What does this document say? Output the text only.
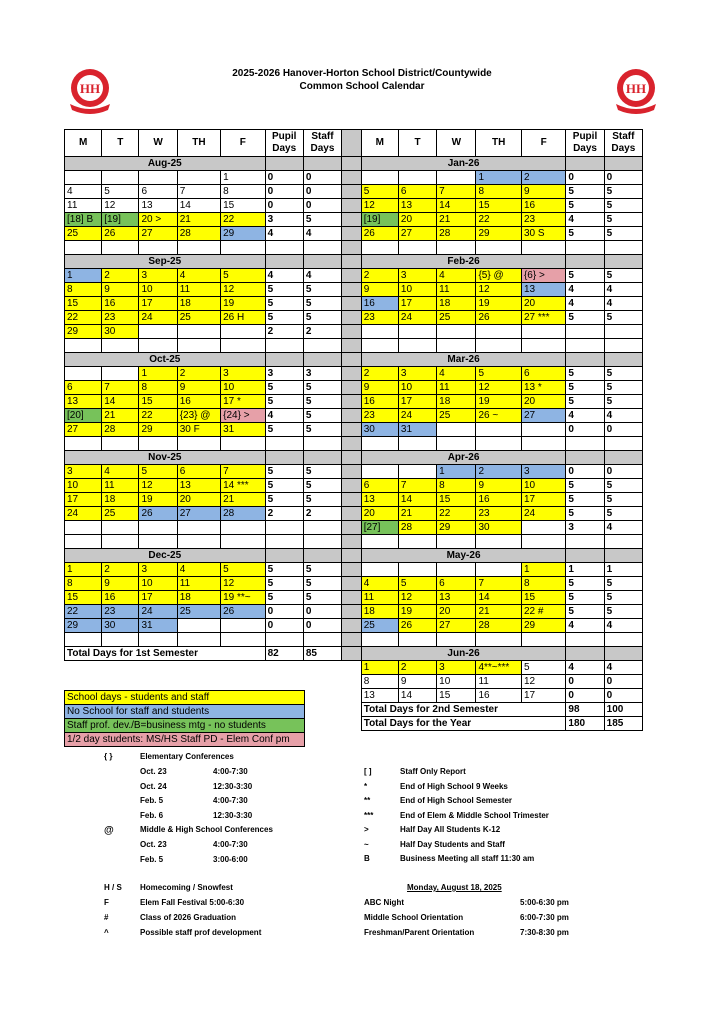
2025-2026 Hanover-Horton School District/Countywide
Common School Calendar
HH	HH
M	T	W	TH	F	Pupil Days	Staff Days		M	T	W	TH	F	Pupil Days	Staff Days
Aug-25								Jan-26						
				1	0	0					1	2	0	0
4	5	6	7	8	0	0		5	6	7	8	9	5	5
11	12	13	14	15	0	0		12	13	14	15	16	5	5
[18] B	[19]	20 >	21	22	3	5		[19]	20	21	22	23	4	5
25	26	27	28	29	4	4		26	27	28	29	30 S	5	5

Sep-25								Feb-26						
1	2	3	4	5	4	4		2	3	4	{5} @	{6} >	5	5
8	9	10	11	12	5	5		9	10	11	12	13	4	4
15	16	17	18	19	5	5		16	17	18	19	20	4	4
22	23	24	25	26 H	5	5		23	24	25	26	27 ***	5	5
29	30				2	2								

Oct-25								Mar-26						
		1	2	3	3	3		2	3	4	5	6	5	5
6	7	8	9	10	5	5		9	10	11	12	13 *	5	5
13	14	15	16	17 *	5	5		16	17	18	19	20	5	5
[20]	21	22	{23} @	{24} >	4	5		23	24	25	26 ~	27	4	4
27	28	29	30 F	31	5	5		30	31				0	0

Nov-25								Apr-26						
3	4	5	6	7	5	5				1	2	3	0	0
10	11	12	13	14 ***	5	5		6	7	8	9	10	5	5
17	18	19	20	21	5	5		13	14	15	16	17	5	5
24	25	26	27	28	2	2		20	21	22	23	24	5	5
								[27]	28	29	30		3	4

Dec-25								May-26						
1	2	3	4	5	5	5						1	1	1
8	9	10	11	12	5	5		4	5	6	7	8	5	5
15	16	17	18	19 **~	5	5		11	12	13	14	15	5	5
22	23	24	25	26	0	0		18	19	20	21	22 #	5	5
29	30	31			0	0		25	26	27	28	29	4	4

Total Days for 1st Semester					82	85		Jun-26						
								1	2	3	4**~***	5	4	4
								8	9	10	11	12	0	0
								13	14	15	16	17	0	0
								Total Days for 2nd Semester					98	100
								Total Days for the Year					180	185
School days - students and staff
No School for staff and students
Staff prof. dev./B=business mtg - no students
1/2 day students: MS/HS Staff PD - Elem Conf pm
{ }	Elementary Conferences
Oct. 23	4:00-7:30
Oct. 24	12:30-3:30
Feb. 5	4:00-7:30
Feb. 6	12:30-3:30
@	Middle & High School Conferences
Oct. 23	4:00-7:30
Feb. 5	3:00-6:00
H / S Homecoming / Snowfest
F	Elem Fall Festival 5:00-6:30
#	Class of 2026 Graduation
^	Possible staff prof development
[ ]	Staff Only Report
*	End of High School 9 Weeks
**	End of High School Semester
***	End of Elem & Middle School Trimester
>	Half Day All Students K-12
~	Half Day Students and Staff
B	Business Meeting all staff 11:30 am
Monday, August 18, 2025
ABC Night	5:00-6:30 pm
Middle School Orientation	6:00-7:30 pm
Freshman/Parent Orientation	7:30-8:30 pm
